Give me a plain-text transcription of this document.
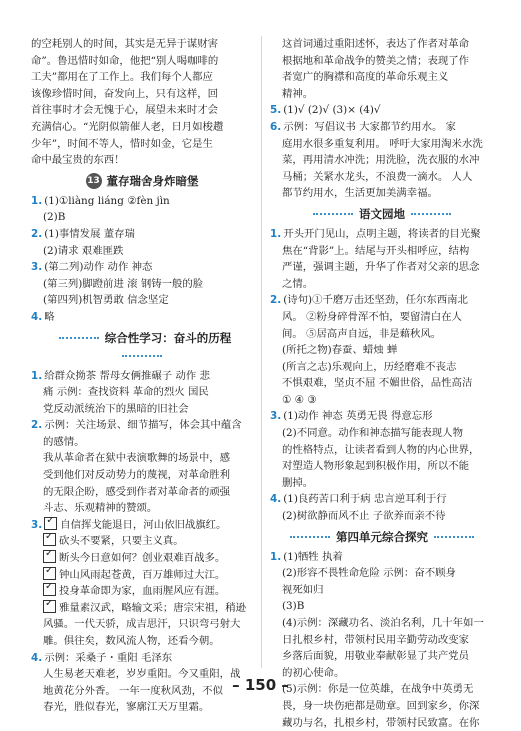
的空耗别人的时间，其实是无异于谋财害
命”。鲁迅惜时如命，他把“别人喝咖啡的
工夫”都用在了工作上。我们每个人都应
该像珍惜时间，奋发向上，只有这样，回
首往事时才会无愧于心，展望未来时才会
充满信心。“光阴似箭催人老，日月如梭趱
少年”，时间不等人，惜时如金，它是生
命中最宝贵的东西！
13 董存瑞舍身炸暗堡
1. (1)①liàng liáng ②fèn jìn
(2)B
2. (1)事情发展 董存瑞
(2)请求 艰难匪跌
3. (第二列)动作 动作 神态
(第三列)脚蹬前进 滚 钢铸一般的脸
(第四列)机智勇敢 信念坚定
4. 略
综合性学习：奋斗的历程
1. 给群众拗茶 帮母女俩推碾子 动作 悲
痛 示例：查找资料 革命的烈火 国民
党反动派统治下的黑暗的旧社会
2. 示例：关注场景、细节描写，体会其中蕴含
的感情。
我从革命者在狱中表演歌舞的场景中，感
受到他们对反动势力的蔑视，对革命胜利
的无限企盼，感受到作者对革命者的顽强
斗志、乐观精神的赞颂。
3.✓ 自信挥戈能退日，河山依旧战旗红。
✓砍头不要紧，只要主义真。
✓断头今日意如何？创业艰难百战多。
✓钟山风雨起苍黄，百万雄师过大江。
✓投身革命即为家，血雨腥风应有涯。
✓雅量素汉武，略输文采；唐宗宋祖，稍逊
风骚。一代天骄，成吉思汗，只识弯弓射大
雕。俱往矣，数风流人物，还看今朝。
4. 示例：采桑子・重阳 毛泽东
人生易老天难老，岁岁重阳。今又重阳，战
地黄花分外香。 一年一度秋风劲，不似
春光，胜似春光，寥廓江天万里霜。
这首词通过重阳述怀，表达了作者对革命
根据地和革命战争的赞美之情；表现了作
者宽广的胸襟和高度的革命乐观主义
精神。
5. (1)√ (2)√ (3)× (4)√
6. 示例：写倡议书 大家都节约用水。 家
庭用水很多重复利用。 呼吁大家用淘米水洗
菜，再用清水冲洗；用洗脸，洗衣服的水冲
马桶；关紧水龙头，不浪费一滴水。 人人
都节约用水，生活更加美满幸福。
语文园地
1. 开头开门见山，点明主题，将读者的目光聚
焦在“背影”上。结尾与开头相呼应，结构
严谨，强调主题，升华了作者对父亲的思念
之情。
2. (诗句)①千磨万击还坚劲，任尔东西南北
风。 ②粉身碎骨浑不怕，要留清白在人
间。 ⑤居高声自远，非是藉秋风。
(所托之物)春蚕、蜡烛 蝉
(所言之志)乐观向上，历经磨难不丧志
不惧艰难，坚贞不屈 不媚世俗，品性高洁
① ④ ③
3. (1)动作 神态 英勇无畏 得意忘形
(2)不同意。动作和神态描写能表现人物
的性格特点，让读者看到人物的内心世界，
对塑造人物形象起到积极作用，所以不能
删掉。
4. (1)良药苦口利于病 忠言逆耳利于行
(2)树欲静而风不止 子欲养而亲不待
第四单元综合探究
1. (1)牺牲 执着
(2)形容不畏牲命危险 示例：奋不顾身
视死如归
(3)B
(4)示例：深藏功名、淡泊名利，几十年如一
日扎根乡村，带领村民用辛勤劳动改变家
乡落后面貌，用敬业奉献彰显了共产党员
的初心使命。
(5)示例：你是一位英雄，在战争中英勇无
畏，身一块伤疤都是勋章。回到家乡，你深
藏功与名，扎根乡村，带领村民致富。在你
– 150 –
